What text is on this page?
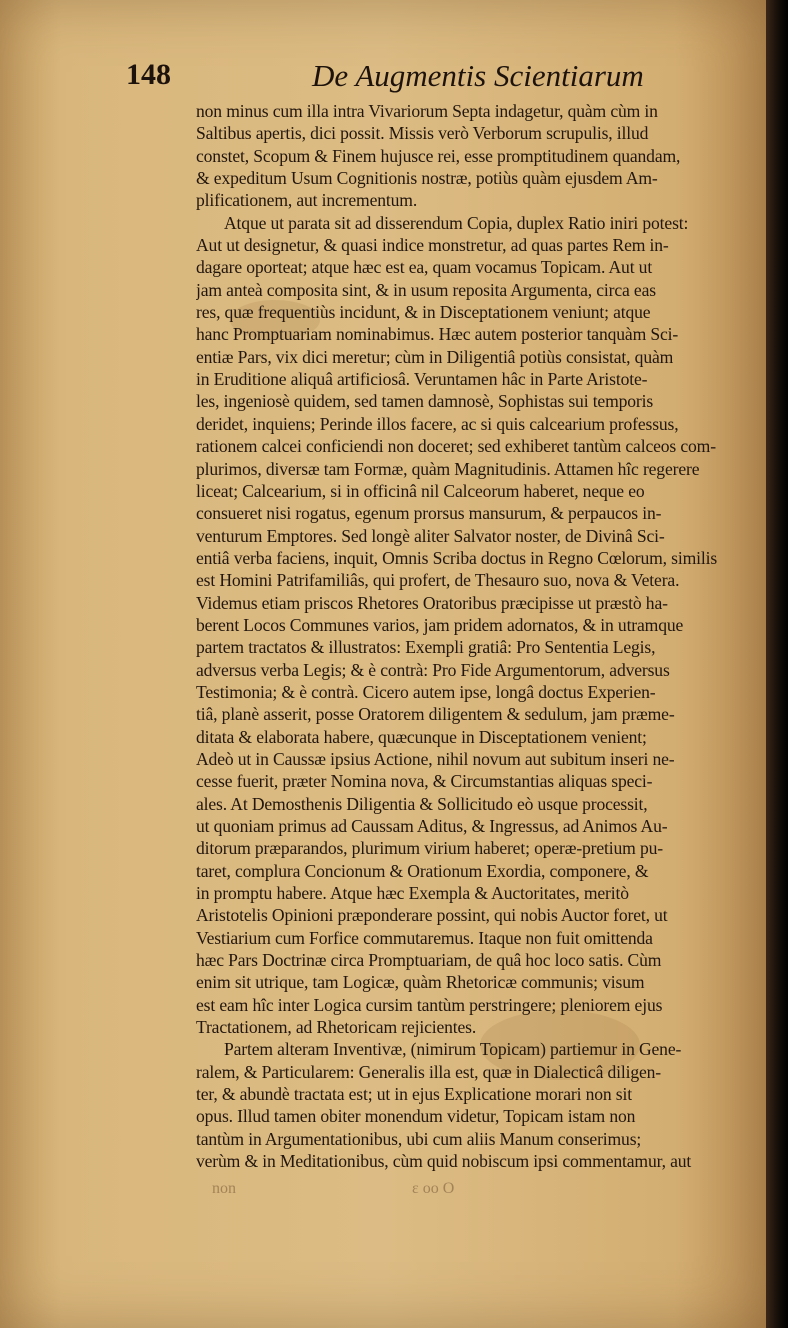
148	De Augmentis Scientiarum
non minus cum illa intra Vivariorum Septa indagetur, quàm cùm in
Saltibus apertis, dici possit. Missis verò Verborum scrupulis, illud
constet, Scopum & Finem hujusce rei, esse promptitudinem quandam,
& expeditum Usum Cognitionis nostræ, potiùs quàm ejusdem Am-
plificationem, aut incrementum.
Atque ut parata sit ad disserendum Copia, duplex Ratio iniri potest:
Aut ut designetur, & quasi indice monstretur, ad quas partes Rem in-
dagare oporteat; atque hæc est ea, quam vocamus Topicam. Aut ut
jam anteà composita sint, & in usum reposita Argumenta, circa eas
res, quæ frequentiùs incidunt, & in Disceptationem veniunt; atque
hanc Promptuariam nominabimus. Hæc autem posterior tanquàm Sci-
entiæ Pars, vix dici meretur; cùm in Diligentiâ potiùs consistat, quàm
in Eruditione aliquâ artificiosâ. Veruntamen hâc in Parte Aristote-
les, ingeniosè quidem, sed tamen damnosè, Sophistas sui temporis
deridet, inquiens; Perinde illos facere, ac si quis calcearium professus,
rationem calcei conficiendi non doceret; sed exhiberet tantùm calceos com-
plurimos, diversæ tam Formæ, quàm Magnitudinis. Attamen hîc regerere
liceat; Calcearium, si in officinâ nil Calceorum haberet, neque eo
consueret nisi rogatus, egenum prorsus mansurum, & perpaucos in-
venturum Emptores. Sed longè aliter Salvator noster, de Divinâ Sci-
entiâ verba faciens, inquit, Omnis Scriba doctus in Regno Cœlorum, similis
est Homini Patrifamiliâs, qui profert, de Thesauro suo, nova & Vetera.
Videmus etiam priscos Rhetores Oratoribus præcipisse ut præstò ha-
berent Locos Communes varios, jam pridem adornatos, & in utramque
partem tractatos & illustratos: Exempli gratiâ: Pro Sententia Legis,
adversus verba Legis; & è contrà: Pro Fide Argumentorum, adversus
Testimonia; & è contrà. Cicero autem ipse, longâ doctus Experien-
tiâ, planè asserit, posse Oratorem diligentem & sedulum, jam præme-
ditata & elaborata habere, quæcunque in Disceptationem venient;
Adeò ut in Caussæ ipsius Actione, nihil novum aut subitum inseri ne-
cesse fuerit, præter Nomina nova, & Circumstantias aliquas speci-
ales. At Demosthenis Diligentia & Sollicitudo eò usque processit,
ut quoniam primus ad Caussam Aditus, & Ingressus, ad Animos Au-
ditorum præparandos, plurimum virium haberet; operæ-pretium pu-
taret, complura Concionum & Orationum Exordia, componere, &
in promptu habere. Atque hæc Exempla & Auctoritates, meritò
Aristotelis Opinioni præponderare possint, qui nobis Auctor foret, ut
Vestiarium cum Forfice commutaremus. Itaque non fuit omittenda
hæc Pars Doctrinæ circa Promptuariam, de quâ hoc loco satis. Cùm
enim sit utrique, tam Logicæ, quàm Rhetoricæ communis; visum
est eam hîc inter Logica cursim tantùm perstringere; pleniorem ejus
Tractationem, ad Rhetoricam rejicientes.
Partem alteram Inventivæ, (nimirum Topicam) partiemur in Gene-
ralem, & Particularem: Generalis illa est, quæ in Dialecticâ diligen-
ter, & abundè tractata est; ut in ejus Explicatione morari non sit
opus. Illud tamen obiter monendum videtur, Topicam istam non
tantùm in Argumentationibus, ubi cum aliis Manum conserimus;
verùm & in Meditationibus, cùm quid nobiscum ipsi commentamur, aut
non	ε οο Ο
